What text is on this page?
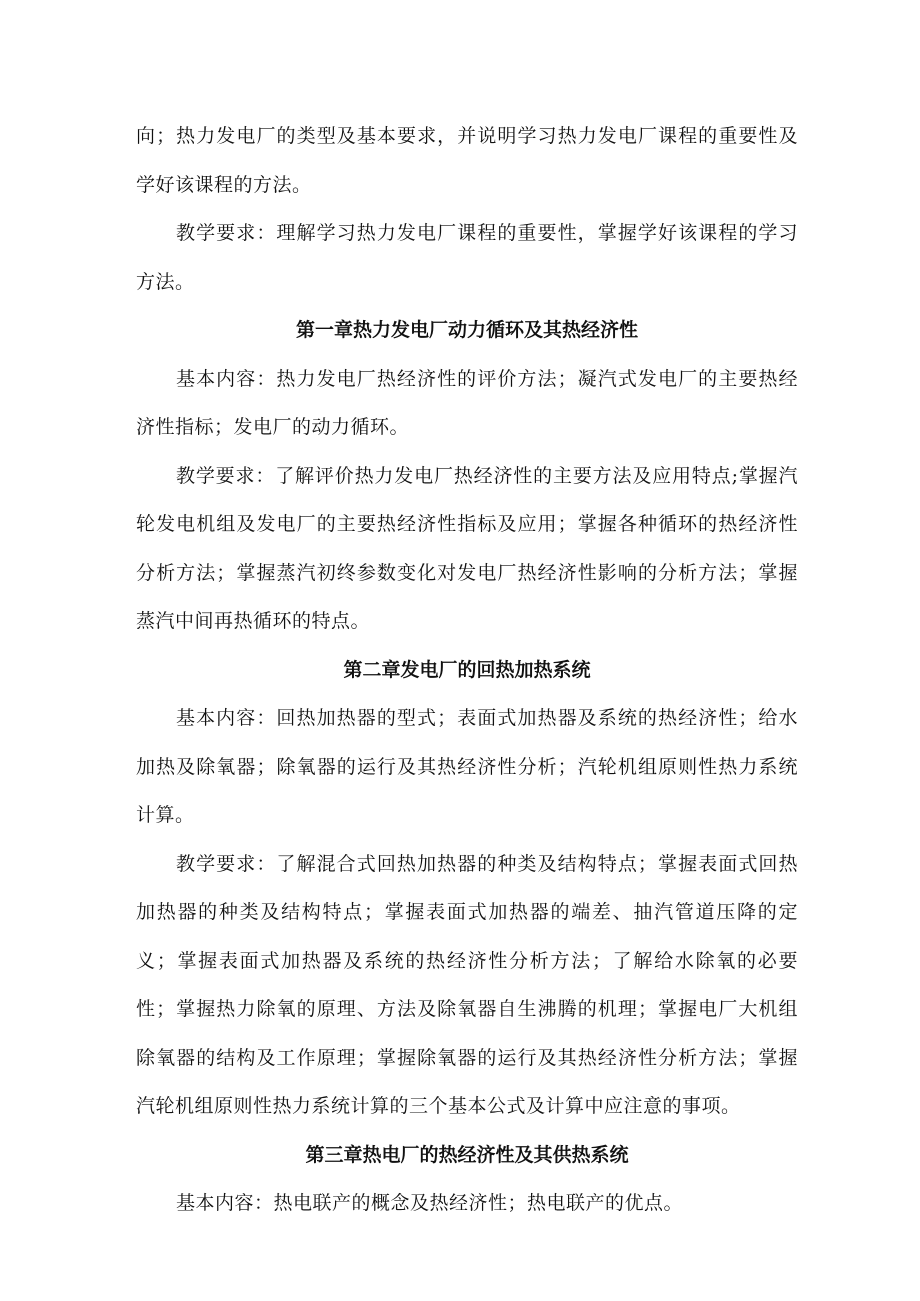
向；热力发电厂的类型及基本要求，并说明学习热力发电厂课程的重要性及学好该课程的方法。

教学要求：理解学习热力发电厂课程的重要性，掌握学好该课程的学习方法。

第一章热力发电厂动力循环及其热经济性

基本内容：热力发电厂热经济性的评价方法；凝汽式发电厂的主要热经济性指标；发电厂的动力循环。

教学要求：了解评价热力发电厂热经济性的主要方法及应用特点;掌握汽轮发电机组及发电厂的主要热经济性指标及应用；掌握各种循环的热经济性分析方法；掌握蒸汽初终参数变化对发电厂热经济性影响的分析方法；掌握蒸汽中间再热循环的特点。

第二章发电厂的回热加热系统

基本内容：回热加热器的型式；表面式加热器及系统的热经济性；给水加热及除氧器；除氧器的运行及其热经济性分析；汽轮机组原则性热力系统计算。

教学要求：了解混合式回热加热器的种类及结构特点；掌握表面式回热加热器的种类及结构特点；掌握表面式加热器的端差、抽汽管道压降的定义；掌握表面式加热器及系统的热经济性分析方法；了解给水除氧的必要性；掌握热力除氧的原理、方法及除氧器自生沸腾的机理；掌握电厂大机组除氧器的结构及工作原理；掌握除氧器的运行及其热经济性分析方法；掌握汽轮机组原则性热力系统计算的三个基本公式及计算中应注意的事项。

第三章热电厂的热经济性及其供热系统

基本内容：热电联产的概念及热经济性；热电联产的优点。
